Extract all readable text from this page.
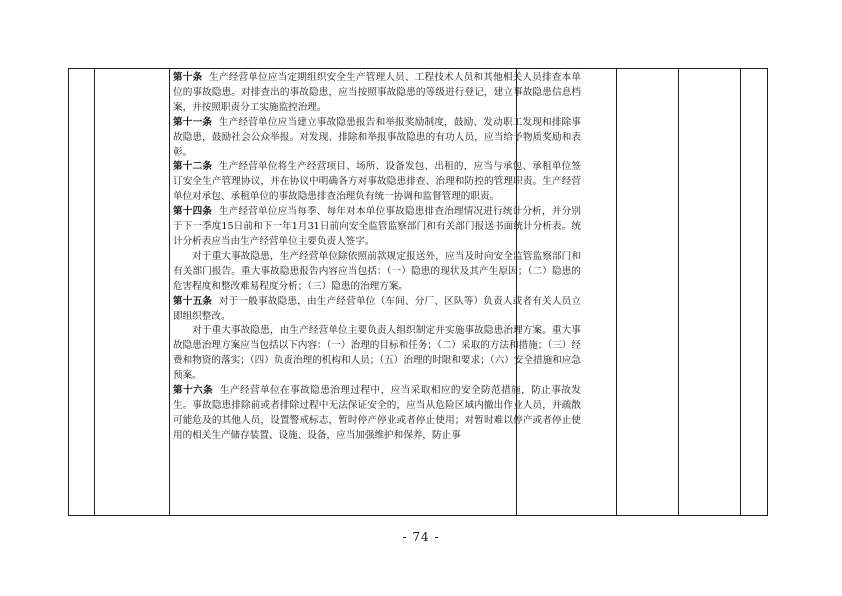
第十条 生产经营单位应当定期组织安全生产管理人员、工程技术人员和其他相关人员排查本单位的事故隐患。对排查出的事故隐患，应当按照事故隐患的等级进行登记，建立事故隐患信息档案，并按照职责分工实施监控治理。

第十一条 生产经营单位应当建立事故隐患报告和举报奖励制度，鼓励、发动职工发现和排除事故隐患，鼓励社会公众举报。对发现、排除和举报事故隐患的有功人员，应当给予物质奖励和表彰。

第十二条 生产经营单位将生产经营项目、场所、设备发包、出租的，应当与承包、承租单位签订安全生产管理协议，并在协议中明确各方对事故隐患排查、治理和防控的管理职责。生产经营单位对承包、承租单位的事故隐患排查治理负有统一协调和监督管理的职责。

第十四条 生产经营单位应当每季、每年对本单位事故隐患排查治理情况进行统计分析，并分别于下一季度15日前和下一年1月31日前向安全监管监察部门和有关部门报送书面统计分析表。统计分析表应当由生产经营单位主要负责人签字。

对于重大事故隐患，生产经营单位除依照前款规定报送外，应当及时向安全监管监察部门和有关部门报告。重大事故隐患报告内容应当包括：（一）隐患的现状及其产生原因；（二）隐患的危害程度和整改难易程度分析；（三）隐患的治理方案。

第十五条 对于一般事故隐患，由生产经营单位（车间、分厂、区队等）负责人或者有关人员立即组织整改。

对于重大事故隐患，由生产经营单位主要负责人组织制定并实施事故隐患治理方案。重大事故隐患治理方案应当包括以下内容：（一）治理的目标和任务；（二）采取的方法和措施；（三）经费和物资的落实；（四）负责治理的机构和人员；（五）治理的时限和要求；（六）安全措施和应急预案。

第十六条 生产经营单位在事故隐患治理过程中，应当采取相应的安全防范措施，防止事故发生。事故隐患排除前或者排除过程中无法保证安全的，应当从危险区域内撤出作业人员，并疏散可能危及的其他人员，设置警戒标志，暂时停产停业或者停止使用；对暂时难以停产或者停止使用的相关生产储存装置、设施、设备，应当加强维护和保养，防止事

- 74 -
